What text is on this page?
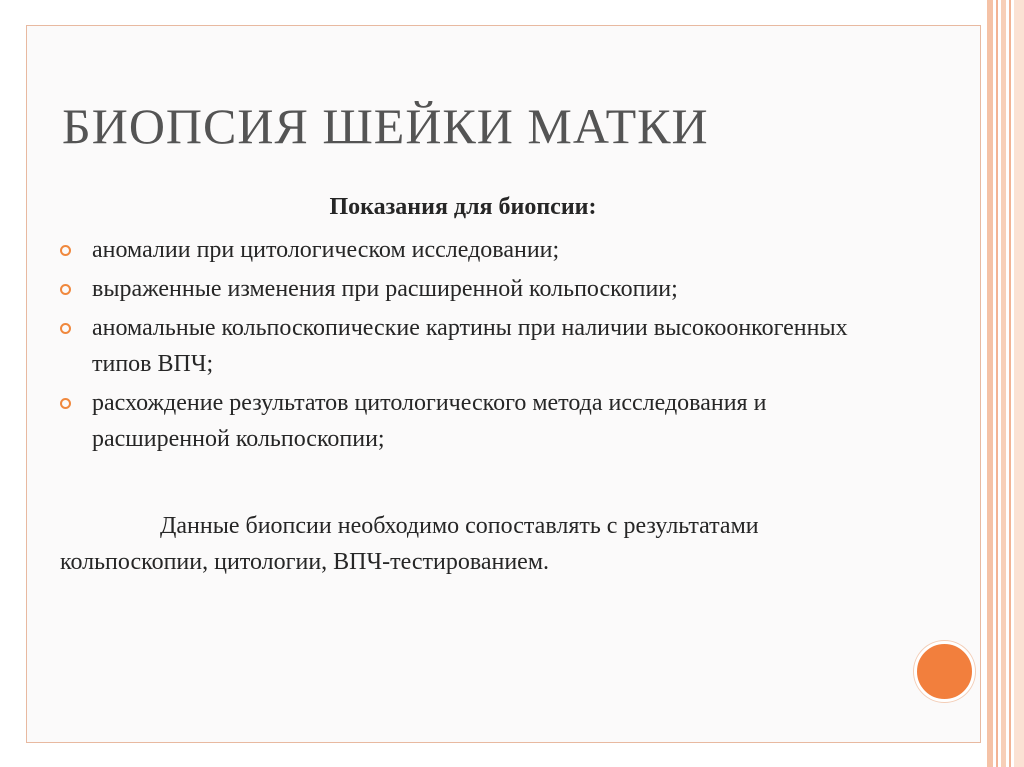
БИОПСИЯ ШЕЙКИ МАТКИ
Показания для биопсии:
аномалии при цитологическом исследовании;
выраженные изменения при расширенной кольпоскопии;
аномальные кольпоскопические картины при наличии высокоонкогенных типов ВПЧ;
расхождение результатов цитологического метода исследования и расширенной кольпоскопии;

Данные биопсии необходимо сопоставлять с результатами кольпоскопии, цитологии, ВПЧ-тестированием.
